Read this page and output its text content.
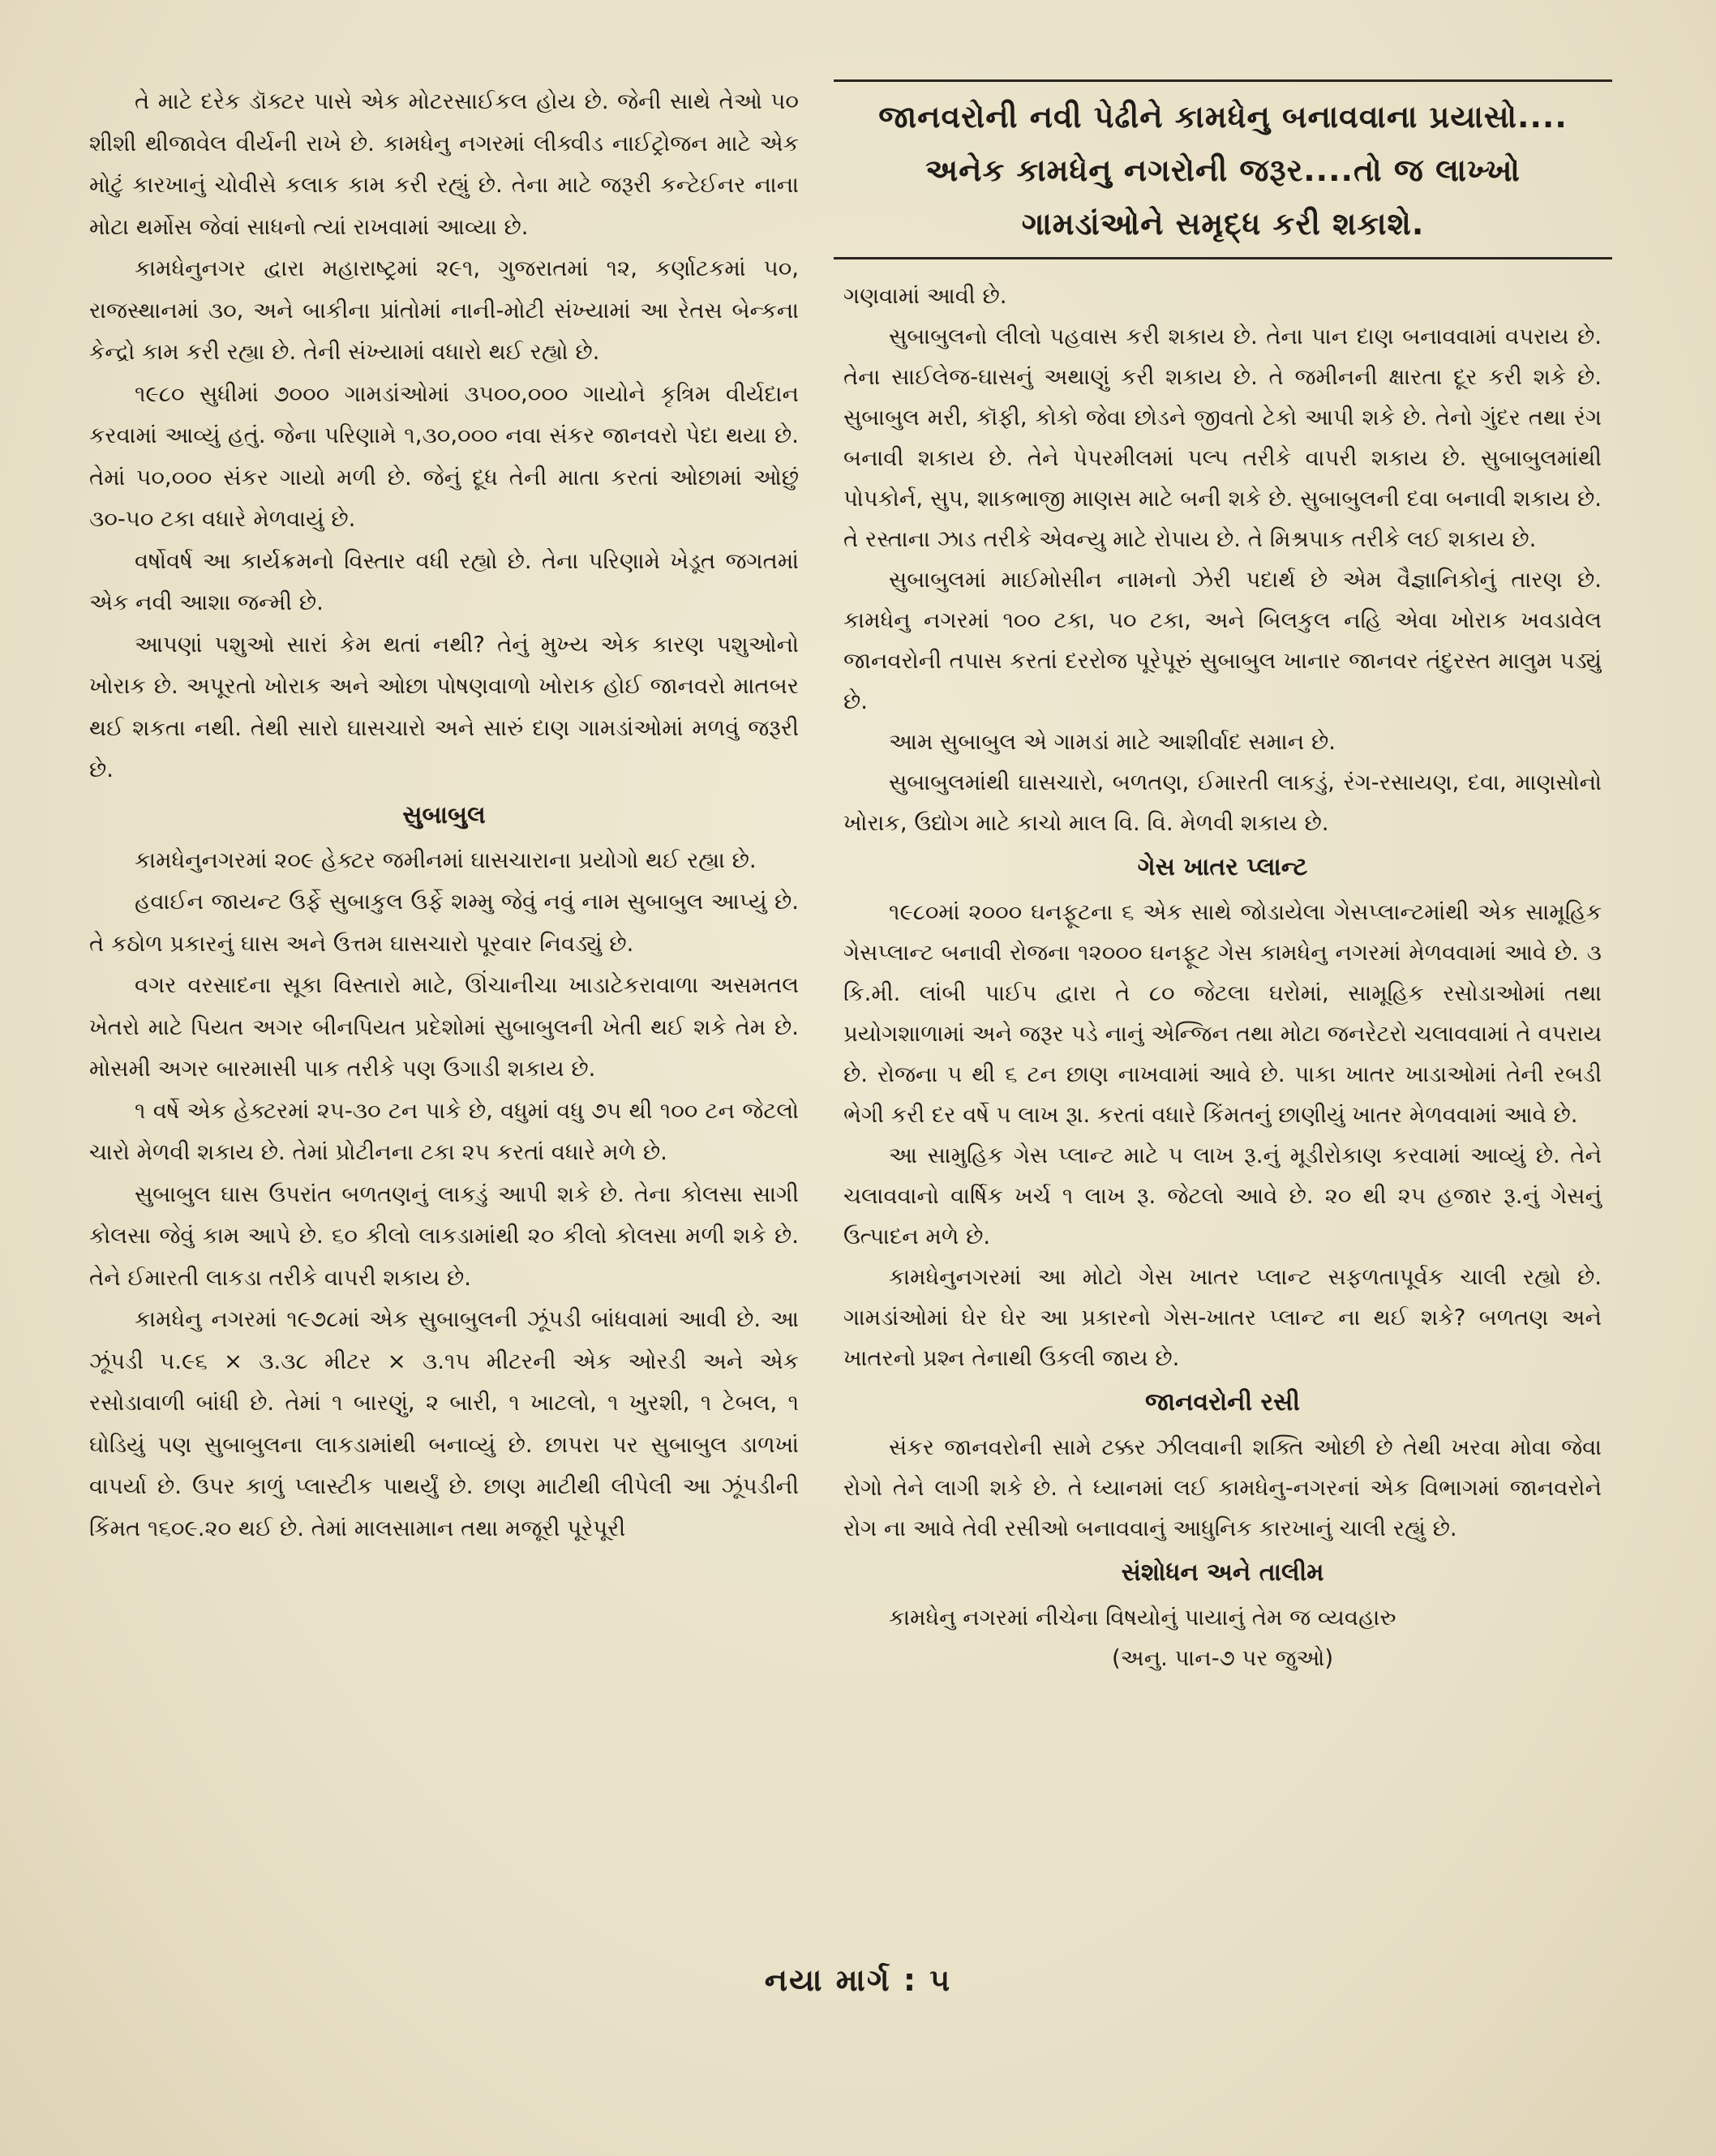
તે માટે દરેક ડૉક્ટર પાસે એક મોટરસાઈકલ હોય છે. જેની સાથે તેઓ ૫૦ શીશી થીજાવેલ વીર્યની રાખે છે. કામધેનુ નગરમાં લીક્વીડ નાઈટ્રોજન માટે એક મોટું કારખાનું ચોવીસે કલાક કામ કરી રહ્યું છે. તેના માટે જરૂરી કન્ટેઈનર નાના મોટા થર્મોસ જેવાં સાધનો ત્યાં રાખવામાં આવ્યા છે.

કામધેનુનગર દ્વારા મહારાષ્ટ્રમાં ૨૯૧, ગુજરાતમાં ૧૨, કર્ણાટકમાં ૫૦, રાજસ્થાનમાં ૩૦, અને બાકીના પ્રાંતોમાં નાની-મોટી સંખ્યામાં આ રેતસ બેન્કના કેન્દ્રો કામ કરી રહ્યા છે. તેની સંખ્યામાં વધારો થઈ રહ્યો છે.

૧૯૮૦ સુધીમાં ૭૦૦૦ ગામડાંઓમાં ૩૫૦૦,૦૦૦ ગાયોને કૃત્રિમ વીર્યદાન કરવામાં આવ્યું હતું. જેના પરિણામે ૧,૩૦,૦૦૦ નવા સંકર જાનવરો પેદા થયા છે. તેમાં ૫૦,૦૦૦ સંકર ગાયો મળી છે. જેનું દૂધ તેની માતા કરતાં ઓછામાં ઓછું ૩૦-૫૦ ટકા વધારે મેળવાયું છે.

વર્ષોવર્ષ આ કાર્યક્રમનો વિસ્તાર વધી રહ્યો છે. તેના પરિણામે ખેડૂત જગતમાં એક નવી આશા જન્મી છે.

આપણાં પશુઓ સારાં કેમ થતાં નથી? તેનું મુખ્ય એક કારણ પશુઓનો ખોરાક છે. અપૂરતો ખોરાક અને ઓછા પોષણવાળો ખોરાક હોઈ જાનવરો માતબર થઈ શકતા નથી. તેથી સારો ઘાસચારો અને સારું દાણ ગામડાંઓમાં મળવું જરૂરી છે.

સુબાબુલ

કામધેનુનગરમાં ૨૦૯ હેક્ટર જમીનમાં ઘાસચારાના પ્રયોગો થઈ રહ્યા છે.

હવાઈન જાયન્ટ ઉર્ફે સુબાકુલ ઉર્ફે શમ્મુ જેવું નવું નામ સુબાબુલ આપ્યું છે. તે કઠોળ પ્રકારનું ઘાસ અને ઉત્તમ ઘાસચારો પૂરવાર નિવડ્યું છે.

વગર વરસાદના સૂકા વિસ્તારો માટે, ઊંચાનીચા ખાડાટેકરાવાળા અસમતલ ખેતરો માટે પિયત અગર બીનપિયત પ્રદેશોમાં સુબાબુલની ખેતી થઈ શકે તેમ છે. મોસમી અગર બારમાસી પાક તરીકે પણ ઉગાડી શકાય છે.

૧ વર્ષે એક હેક્ટરમાં ૨૫-૩૦ ટન પાકે છે, વધુમાં વધુ ૭૫ થી ૧૦૦ ટન જેટલો ચારો મેળવી શકાય છે. તેમાં પ્રોટીનના ટકા ૨૫ કરતાં વધારે મળે છે.

સુબાબુલ ઘાસ ઉપરાંત બળતણનું લાકડું આપી શકે છે. તેના કોલસા સાગી કોલસા જેવું કામ આપે છે. ૬૦ કીલો લાકડામાંથી ૨૦ કીલો કોલસા મળી શકે છે. તેને ઈમારતી લાકડા તરીકે વાપરી શકાય છે.

કામધેનુ નગરમાં ૧૯૭૮માં એક સુબાબુલની ઝૂંપડી બાંધવામાં આવી છે. આ ઝૂંપડી ૫.૯૬ × ૩.૩૮ મીટર × ૩.૧૫ મીટરની એક ઓરડી અને એક રસોડાવાળી બાંધી છે. તેમાં ૧ બારણું, ૨ બારી, ૧ ખાટલો, ૧ ખુરશી, ૧ ટેબલ, ૧ ઘોડિયું પણ સુબાબુલના લાકડામાંથી બનાવ્યું છે. છાપરા પર સુબાબુલ ડાળખાં વાપર્યા છે. ઉપર કાળું પ્લાસ્ટીક પાથર્યું છે. છાણ માટીથી લીપેલી આ ઝૂંપડીની કિંમત ૧૬૦૯.૨૦ થઈ છે. તેમાં માલસામાન તથા મજૂરી પૂરેપૂરી

જાનવરોની નવી પેઢીને કામધેનુ બનાવવાના પ્રયાસો....
અનેક કામધેનુ નગરોની જરૂર....તો જ લાખ્ખો
ગામડાંઓને સમૃદ્ધ કરી શકાશે.

ગણવામાં આવી છે.

સુબાબુલનો લીલો પહવાસ કરી શકાય છે. તેના પાન દાણ બનાવવામાં વપરાય છે. તેના સાઈલેજ-ઘાસનું અથાણું કરી શકાય છે. તે જમીનની ક્ષારતા દૂર કરી શકે છે. સુબાબુલ મરી, કૉફી, કોકો જેવા છોડને જીવતો ટેકો આપી શકે છે. તેનો ગુંદર તથા રંગ બનાવી શકાય છે. તેને પેપરમીલમાં પલ્પ તરીકે વાપરી શકાય છે. સુબાબુલમાંથી પોપકોર્ન, સુપ, શાકભાજી માણસ માટે બની શકે છે. સુબાબુલની દવા બનાવી શકાય છે. તે રસ્તાના ઝાડ તરીકે એવન્યુ માટે રોપાય છે. તે મિશ્રપાક તરીકે લઈ શકાય છે.

સુબાબુલમાં માઈમોસીન નામનો ઝેરી પદાર્થ છે એમ વૈજ્ઞાનિકોનું તારણ છે. કામધેનુ નગરમાં ૧૦૦ ટકા, ૫૦ ટકા, અને બિલકુલ નહિ એવા ખોરાક ખવડાવેલ જાનવરોની તપાસ કરતાં દરરોજ પૂરેપૂરું સુબાબુલ ખાનાર જાનવર તંદુરસ્ત માલુમ પડ્યું છે.

આમ સુબાબુલ એ ગામડાં માટે આશીર્વાદ સમાન છે.

સુબાબુલમાંથી ઘાસચારો, બળતણ, ઈમારતી લાકડું, રંગ-રસાયણ, દવા, માણસોનો ખોરાક, ઉદ્યોગ માટે કાચો માલ વિ. વિ. મેળવી શકાય છે.

ગેસ ખાતર પ્લાન્ટ

૧૯૮૦માં ૨૦૦૦ ઘનફૂટના ૬ એક સાથે જોડાયેલા ગેસપ્લાન્ટમાંથી એક સામૂહિક ગેસપ્લાન્ટ બનાવી રોજના ૧૨૦૦૦ ઘનફૂટ ગેસ કામધેનુ નગરમાં મેળવવામાં આવે છે. ૩ કિ.મી. લાંબી પાઈપ દ્વારા તે ૮૦ જેટલા ઘરોમાં, સામૂહિક રસોડાઓમાં તથા પ્રયોગશાળામાં અને જરૂર પડે નાનું એન્જિન તથા મોટા જનરેટરો ચલાવવામાં તે વપરાય છે. રોજના ૫ થી ૬ ટન છાણ નાખવામાં આવે છે. પાકા ખાતર ખાડાઓમાં તેની રબડી ભેગી કરી દર વર્ષે ૫ લાખ રૂા. કરતાં વધારે કિંમતનું છાણીયું ખાતર મેળવવામાં આવે છે.

આ સામુહિક ગેસ પ્લાન્ટ માટે ૫ લાખ રૂ.નું મૂડીરોકાણ કરવામાં આવ્યું છે. તેને ચલાવવાનો વાર્ષિક ખર્ચ ૧ લાખ રૂ. જેટલો આવે છે. ૨૦ થી ૨૫ હજાર રૂ.નું ગેસનું ઉત્પાદન મળે છે.

કામધેનુનગરમાં આ મોટો ગેસ ખાતર પ્લાન્ટ સફળતાપૂર્વક ચાલી રહ્યો છે. ગામડાંઓમાં ઘેર ઘેર આ પ્રકારનો ગેસ-ખાતર પ્લાન્ટ ના થઈ શકે? બળતણ અને ખાતરનો પ્રશ્ન તેનાથી ઉકલી જાય છે.

જાનવરોની રસી

સંકર જાનવરોની સામે ટક્કર ઝીલવાની શક્તિ ઓછી છે તેથી ખરવા મોવા જેવા રોગો તેને લાગી શકે છે. તે ધ્યાનમાં લઈ કામધેનુ-નગરનાં એક વિભાગમાં જાનવરોને રોગ ના આવે તેવી રસીઓ બનાવવાનું આધુનિક કારખાનું ચાલી રહ્યું છે.

સંશોધન અને તાલીમ

કામધેનુ નગરમાં નીચેના વિષયોનું પાયાનું તેમ જ વ્યવહારુ

(અનુ. પાન-૭ પર જુઓ)

નયા માર્ગ : ૫
